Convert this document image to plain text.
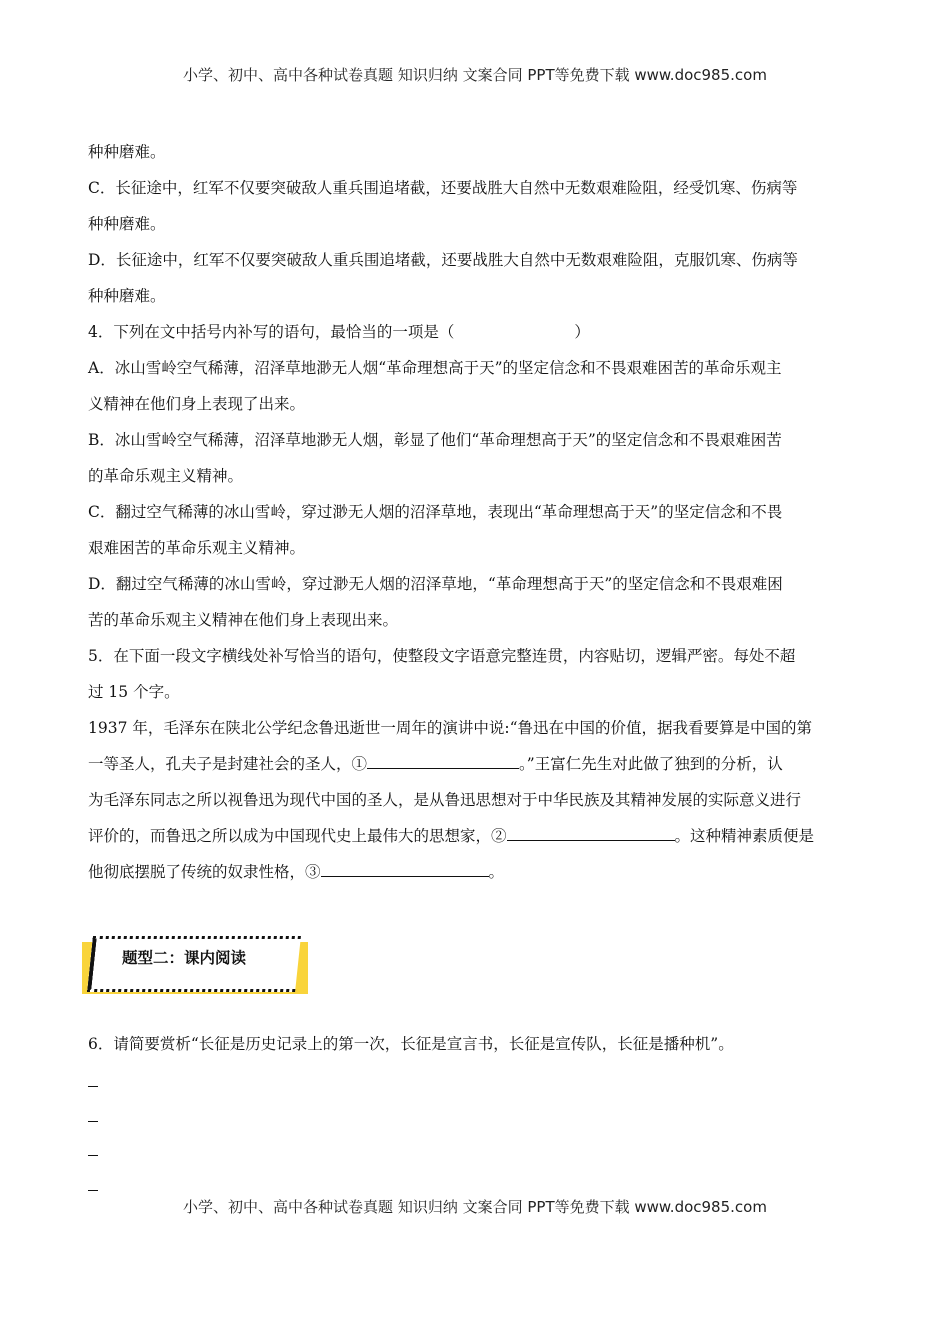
小学、初中、高中各种试卷真题 知识归纳 文案合同 PPT等免费下载 www.doc985.com

种种磨难。

C．长征途中，红军不仅要突破敌人重兵围追堵截，还要战胜大自然中无数艰难险阻，经受饥寒、伤病等

种种磨难。

D．长征途中，红军不仅要突破敌人重兵围追堵截，还要战胜大自然中无数艰难险阻，克服饥寒、伤病等

种种磨难。

4．下列在文中括号内补写的语句，最恰当的一项是（	）

A．冰山雪岭空气稀薄，沼泽草地渺无人烟“革命理想高于天”的坚定信念和不畏艰难困苦的革命乐观主

义精神在他们身上表现了出来。

B．冰山雪岭空气稀薄，沼泽草地渺无人烟，彰显了他们“革命理想高于天”的坚定信念和不畏艰难困苦

的革命乐观主义精神。

C．翻过空气稀薄的冰山雪岭，穿过渺无人烟的沼泽草地，表现出“革命理想高于天”的坚定信念和不畏

艰难困苦的革命乐观主义精神。

D．翻过空气稀薄的冰山雪岭，穿过渺无人烟的沼泽草地，“革命理想高于天”的坚定信念和不畏艰难困

苦的革命乐观主义精神在他们身上表现出来。

5．在下面一段文字横线处补写恰当的语句，使整段文字语意完整连贯，内容贴切，逻辑严密。每处不超

过 15 个字。

1937 年，毛泽东在陕北公学纪念鲁迅逝世一周年的演讲中说:“鲁迅在中国的价值，据我看要算是中国的第

一等圣人，孔夫子是封建社会的圣人，①	。”王富仁先生对此做了独到的分析，认

为毛泽东同志之所以视鲁迅为现代中国的圣人，是从鲁迅思想对于中华民族及其精神发展的实际意义进行

评价的，而鲁迅之所以成为中国现代史上最伟大的思想家，②	。这种精神素质便是

他彻底摆脱了传统的奴隶性格，③	。

题型二：课内阅读
6．请简要赏析“长征是历史记录上的第一次，长征是宣言书，长征是宣传队，长征是播种机”。
小学、初中、高中各种试卷真题 知识归纳 文案合同 PPT等免费下载 www.doc985.com
